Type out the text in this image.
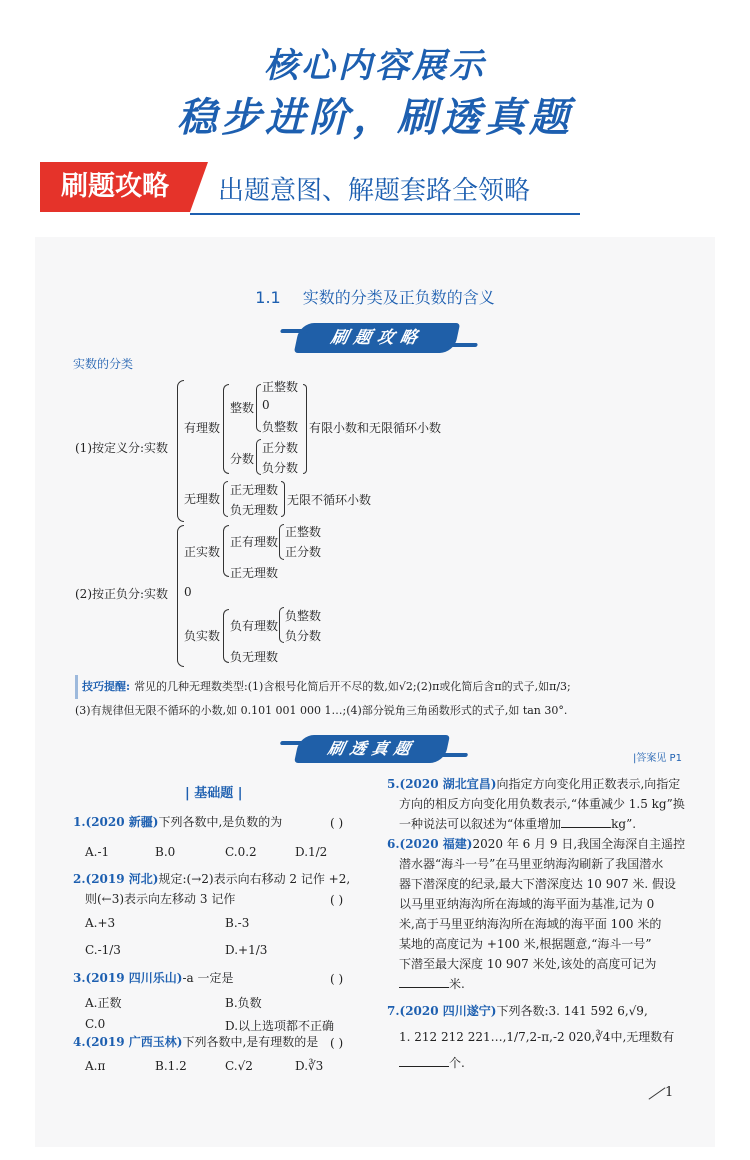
核心内容展示
稳步进阶，刷透真题
刷题攻略	出题意图、解题套路全领略
1.1 实数的分类及正负数的含义
刷题攻略
实数的分类
(1)按定义分:实数
有理数
整数
正整数
0
负整数
分数
正分数
负分数
有限小数和无限循环小数
无理数
正无理数
负无理数
无限不循环小数
(2)按正负分:实数
正实数
正有理数
正整数
正分数
正无理数
0
负实数
负有理数
负整数
负分数
负无理数
技巧提醒: 常见的几种无理数类型:(1)含根号化简后开不尽的数,如√2;(2)π或化简后含π的式子,如π/3;
(3)有规律但无限不循环的小数,如 0.101 001 000 1…;(4)部分锐角三角函数形式的式子,如 tan 30°.
刷透真题
|答案见 P1
| 基础题 |
1.(2020 新疆)下列各数中,是负数的为	( )
A.-1	B.0	C.0.2	D.1/2
2.(2019 河北)规定:(→2)表示向右移动 2 记作 +2,
则(←3)表示向左移动 3 记作	( )
A.+3	B.-3
C.-1/3	D.+1/3
3.(2019 四川乐山)-a 一定是	( )
A.正数	B.负数
C.0	D.以上选项都不正确
4.(2019 广西玉林)下列各数中,是有理数的是 ( )
A.π	B.1.2	C.√2	D.∛3
5.(2020 湖北宜昌)向指定方向变化用正数表示,向指定
方向的相反方向变化用负数表示,“体重减少 1.5 kg”换
一种说法可以叙述为“体重增加	kg”.
6.(2020 福建)2020 年 6 月 9 日,我国全海深自主遥控
潜水器“海斗一号”在马里亚纳海沟刷新了我国潜水
器下潜深度的纪录,最大下潜深度达 10 907 米. 假设
以马里亚纳海沟所在海域的海平面为基准,记为 0
米,高于马里亚纳海沟所在海域的海平面 100 米的
某地的高度记为 +100 米,根据题意,“海斗一号”
下潜至最大深度 10 907 米处,该处的高度可记为
米.
7.(2020 四川遂宁)下列各数:3. 141 592 6,√9,
1. 212 212 221…,1/7,2-π,-2 020,∛4中,无理数有
个.
1
